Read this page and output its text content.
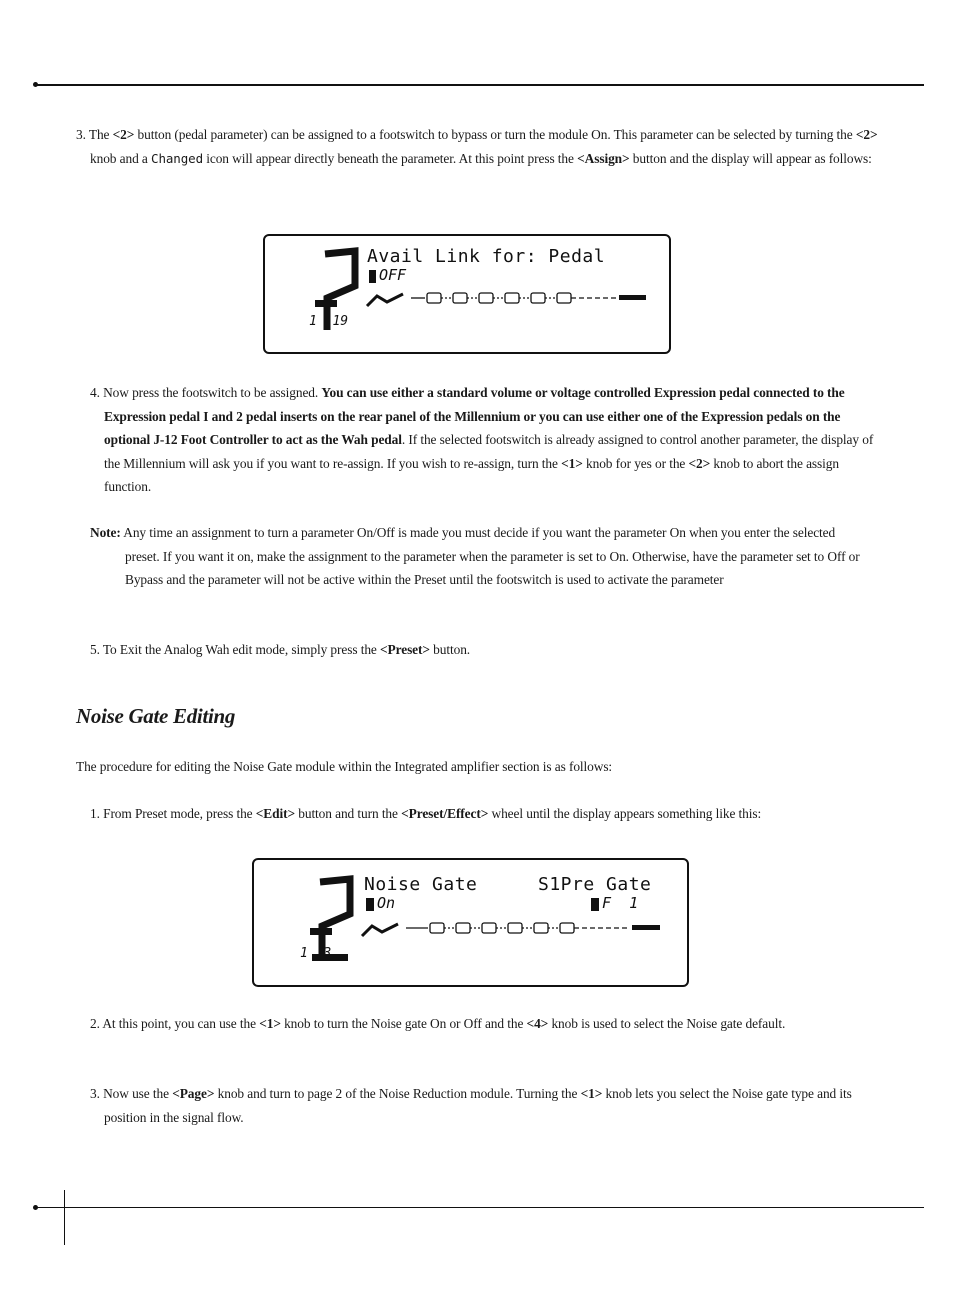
3. The <2> button (pedal parameter) can be assigned to a footswitch to bypass or turn the module On. This parameter can be selected by turning the <2> knob and a Changed icon will appear directly beneath the parameter. At this point press the <Assign> button and the display will appear as follows:
Avail Link for: Pedal
OFF
1  19
4. Now press the footswitch to be assigned. You can use either a standard volume or voltage controlled Expression pedal connected to the Expression pedal I and 2 pedal inserts on the rear panel of the Millennium or you can use either one of the Expression pedals on the optional J-12 Foot Controller to act as the Wah pedal. If the selected footswitch is already assigned to control another parameter, the display of the Millennium will ask you if you want to re-assign. If you wish to re-assign, turn the <1> knob for yes or the <2> knob to abort the assign function.
Note: Any time an assignment to turn a parameter On/Off is made you must decide if you want the parameter On when you enter the selected preset. If you want it on, make the assignment to the parameter when the parameter is set to On. Otherwise, have the parameter set to Off or Bypass and the parameter will not be active within the Preset until the footswitch is used to activate the parameter
5. To Exit the Analog Wah edit mode, simply press the <Preset> button.
Noise Gate Editing
The procedure for editing the Noise Gate module within the Integrated amplifier section is as follows:
1. From Preset mode, press the <Edit> button and turn the <Preset/Effect> wheel until the display appears something like this:
Noise Gate	S1Pre Gate
On	F  1
1  3
2. At this point, you can use the <1> knob to turn the Noise gate On or Off and the <4> knob is used to select the Noise gate default.
3. Now use the <Page> knob and turn to page 2 of the Noise Reduction module. Turning the <1> knob lets you select the Noise gate type and its position in the signal flow.
